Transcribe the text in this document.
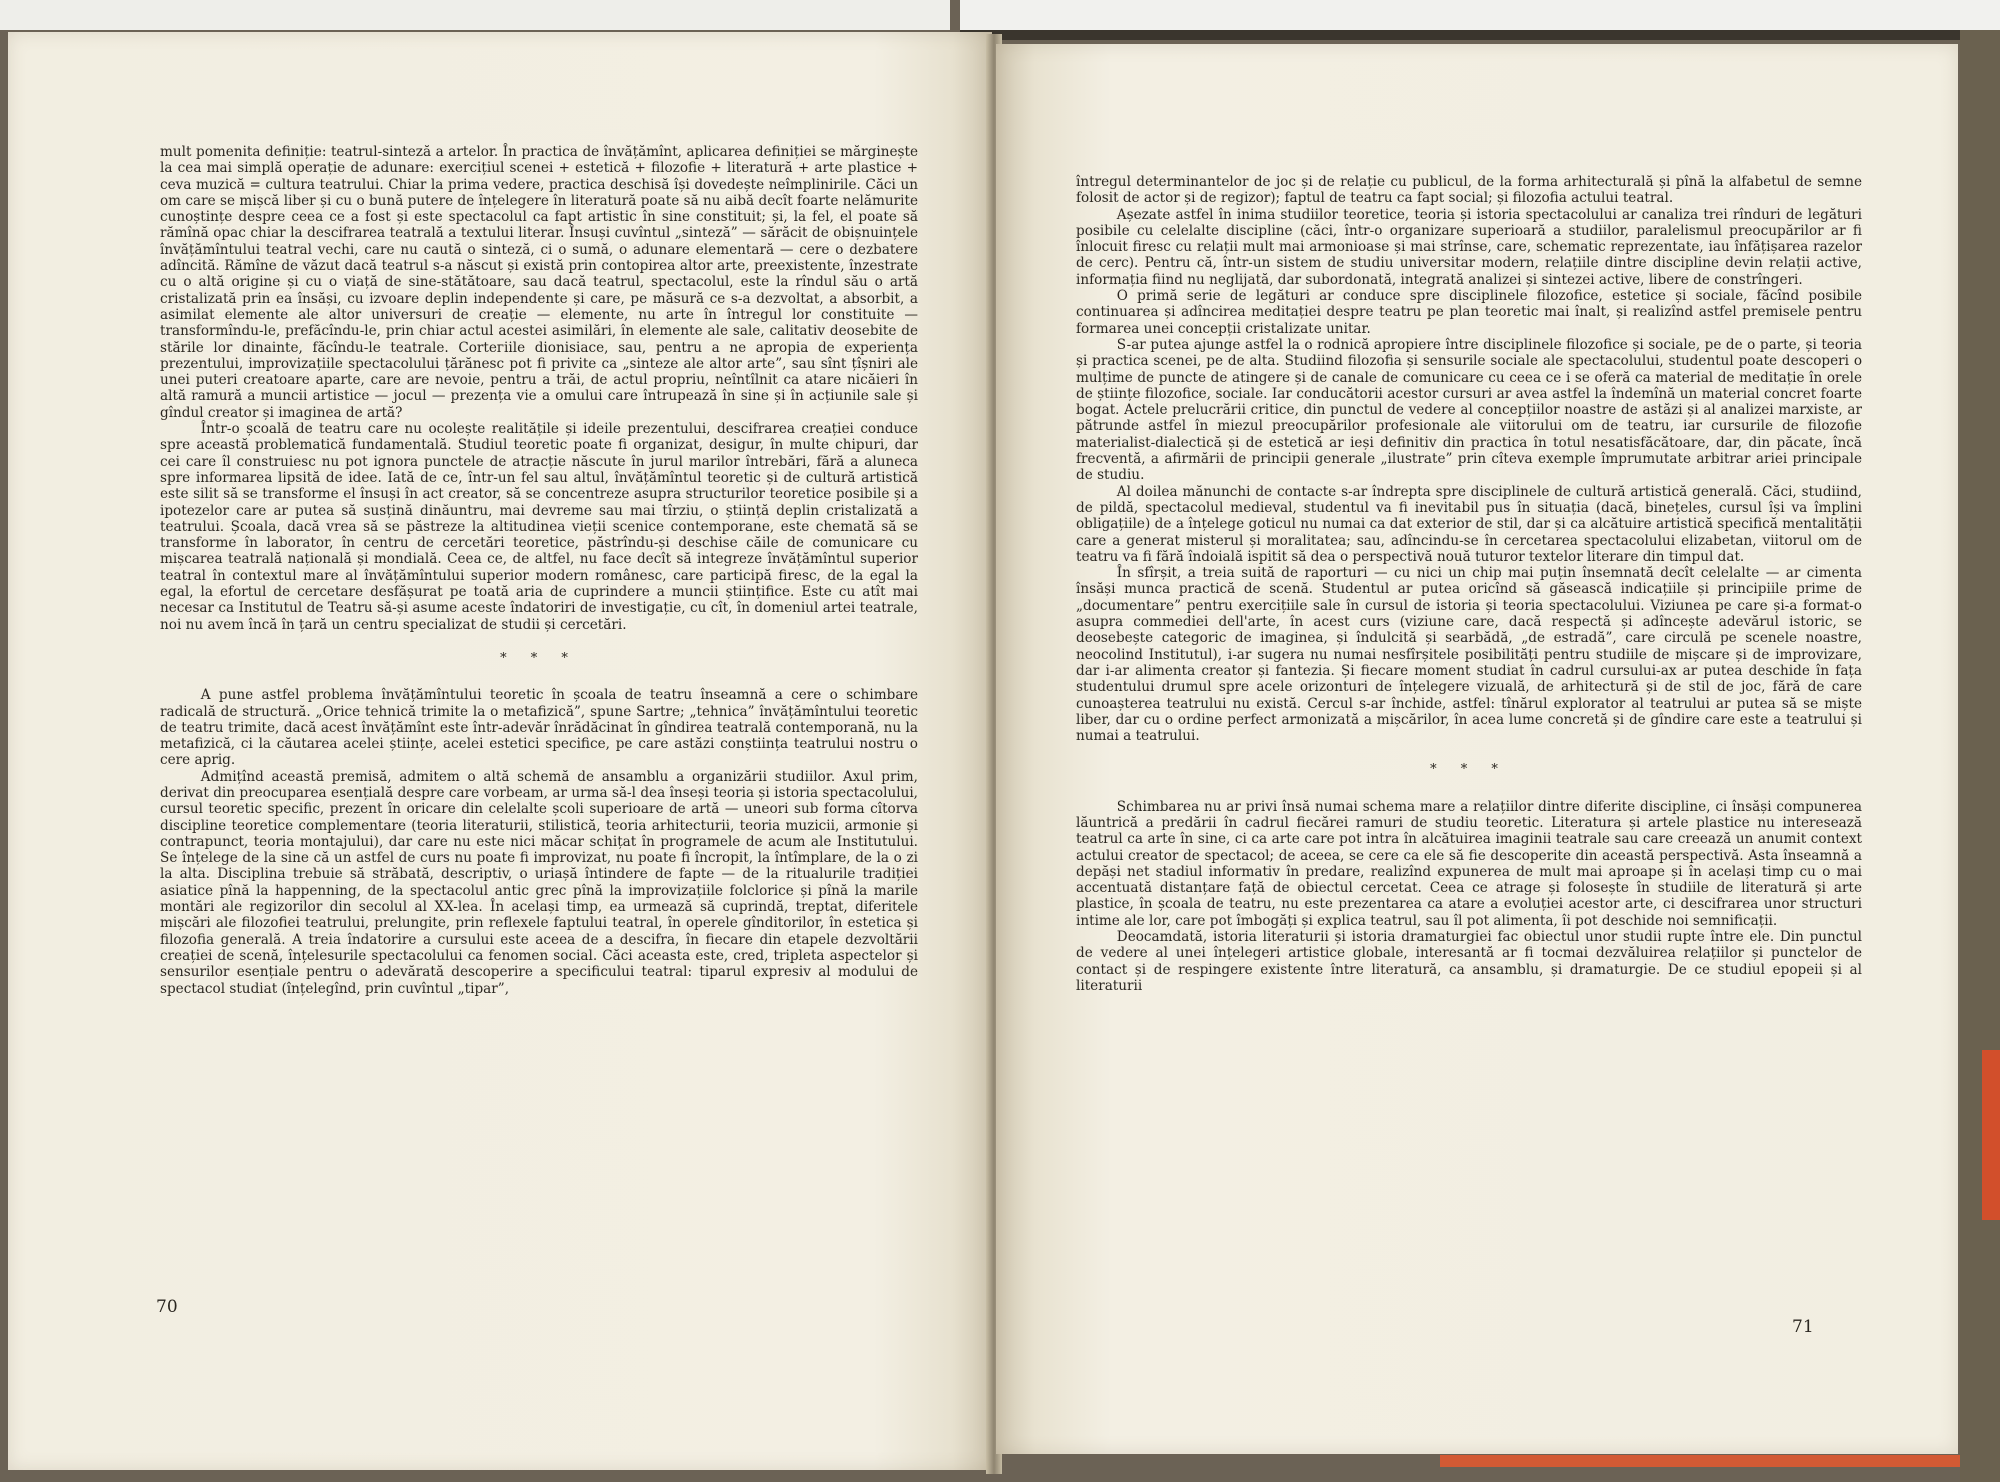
mult pomenita definiție: teatrul-sinteză a artelor. În practica de învățămînt, aplicarea definiției se mărginește la cea mai simplă operație de adunare: exercițiul scenei + estetică + filozofie + literatură + arte plastice + ceva muzică = cultura teatrului. Chiar la prima vedere, practica deschisă își dovedește neîmplinirile. Căci un om care se mișcă liber și cu o bună putere de înțelegere în literatură poate să nu aibă decît foarte nelămurite cunoștințe despre ceea ce a fost și este spectacolul ca fapt artistic în sine constituit; și, la fel, el poate să rămînă opac chiar la descifrarea teatrală a textului literar. Însuși cuvîntul „sinteză” — sărăcit de obișnuințele învățămîntului teatral vechi, care nu caută o sinteză, ci o sumă, o adunare elementară — cere o dezbatere adîncită. Rămîne de văzut dacă teatrul s-a născut și există prin contopirea altor arte, preexistente, înzestrate cu o altă origine și cu o viață de sine-stătătoare, sau dacă teatrul, spectacolul, este la rîndul său o artă cristalizată prin ea însăși, cu izvoare deplin independente și care, pe măsură ce s-a dezvoltat, a absorbit, a asimilat elemente ale altor universuri de creație — elemente, nu arte în întregul lor constituite — transformîndu-le, prefăcîndu-le, prin chiar actul acestei asimilări, în elemente ale sale, calitativ deosebite de stările lor dinainte, făcîndu-le teatrale. Corteгiile dionisiace, sau, pentru a ne apropia de experiența prezentului, improvizațiile spectacolului țărănesc pot fi privite ca „sinteze ale altor arte”, sau sînt țîșniri ale unei puteri creatoare aparte, care are nevoie, pentru a trăi, de actul propriu, neîntîlnit ca atare nicăieri în altă ramură a muncii artistice — jocul — prezența vie a omului care întrupează în sine și în acțiunile sale și gîndul creator și imaginea de artă?

Într-o școală de teatru care nu ocolește realitățile și ideile prezentului, descifrarea creației conduce spre această problematică fundamentală. Studiul teoretic poate fi organizat, desigur, în multe chipuri, dar cei care îl construiesc nu pot ignora punctele de atracție născute în jurul marilor întrebări, fără a aluneca spre informarea lipsită de idee. Iată de ce, într-un fel sau altul, învățămîntul teoretic și de cultură artistică este silit să se transforme el însuși în act creator, să se concentreze asupra structurilor teoretice posibile și a ipotezelor care ar putea să susțină dinăuntru, mai devreme sau mai tîrziu, o știință deplin cristalizată a teatrului. Școala, dacă vrea să se păstreze la altitudinea vieții scenice contemporane, este chemată să se transforme în laborator, în centru de cercetări teoretice, păstrîndu-și deschise căile de comunicare cu mișcarea teatrală națională și mondială. Ceea ce, de altfel, nu face decît să integreze învățămîntul superior teatral în contextul mare al învățămîntului superior modern românesc, care participă firesc, de la egal la egal, la efortul de cercetare desfășurat pe toată aria de cuprindere a muncii științifice. Este cu atît mai necesar ca Institutul de Teatru să-și asume aceste îndatoriri de investigație, cu cît, în domeniul artei teatrale, noi nu avem încă în țară un centru specializat de studii și cercetări.

* * *

A pune astfel problema învățămîntului teoretic în școala de teatru înseamnă a cere o schimbare radicală de structură. „Orice tehnică trimite la o metafizică”, spune Sartre; „tehnica” învățămîntului teoretic de teatru trimite, dacă acest învățămînt este într-adevăr înrădăcinat în gîndirea teatrală contemporană, nu la metafizică, ci la căutarea acelei științe, acelei estetici specifice, pe care astăzi conștiința teatrului nostru o cere aprig.

Admițînd această premisă, admitem o altă schemă de ansamblu a organizării studiilor. Axul prim, derivat din preocuparea esențială despre care vorbeam, ar urma să-l dea înseși teoria și istoria spectacolului, cursul teoretic specific, prezent în oricare din celelalte școli superioare de artă — uneori sub forma cîtorva discipline teoretice complementare (teoria literaturii, stilistică, teoria arhitecturii, teoria muzicii, armonie și contrapunct, teoria montajului), dar care nu este nici măcar schițat în programele de acum ale Institutului. Se înțelege de la sine că un astfel de curs nu poate fi improvizat, nu poate fi încropit, la întîmplare, de la o zi la alta. Disciplina trebuie să străbată, descriptiv, o uriașă întindere de fapte — de la ritualurile tradiției asiatice pînă la happenning, de la spectacolul antic grec pînă la improvizațiile folclorice și pînă la marile montări ale regizorilor din secolul al XX-lea. În același timp, ea urmează să cuprindă, treptat, diferitele mișcări ale filozofiei teatrului, prelungite, prin reflexele faptului teatral, în operele gînditorilor, în estetica și filozofia generală. A treia îndatorire a cursului este aceea de a descifra, în fiecare din etapele dezvoltării creației de scenă, înțelesurile spectacolului ca fenomen social. Căci aceasta este, cred, tripleta aspectelor și sensurilor esențiale pentru o adevărată descoperire a specificului teatral: tiparul expresiv al modului de spectacol studiat (înțelegînd, prin cuvîntul „tipar”,

70

întregul determinantelor de joc și de relație cu publicul, de la forma arhitecturală și pînă la alfabetul de semne folosit de actor și de regizor); faptul de teatru ca fapt social; și filozofia actului teatral.

Așezate astfel în inima studiilor teoretice, teoria și istoria spectacolului ar canaliza trei rînduri de legături posibile cu celelalte discipline (căci, într-o organizare superioară a studiilor, paralelismul preocupărilor ar fi înlocuit firesc cu relații mult mai armonioase și mai strînse, care, schematic reprezentate, iau înfățișarea razelor de cerc). Pentru că, într-un sistem de studiu universitar modern, relațiile dintre discipline devin relații active, informația fiind nu neglijată, dar subordonată, integrată analizei și sintezei active, libere de constrîngeri.

O primă serie de legături ar conduce spre disciplinele filozofice, estetice și sociale, făcînd posibile continuarea și adîncirea meditației despre teatru pe plan teoretic mai înalt, și realizînd astfel premisele pentru formarea unei concepții cristalizate unitar.

S-ar putea ajunge astfel la o rodnică apropiere între disciplinele filozofice și sociale, pe de o parte, și teoria și practica scenei, pe de alta. Studiind filozofia și sensurile sociale ale spectacolului, studentul poate descoperi o mulțime de puncte de atingere și de canale de comunicare cu ceea ce i se oferă ca material de meditație în orele de științe filozofice, sociale. Iar conducătorii acestor cursuri ar avea astfel la îndemînă un material concret foarte bogat. Actele prelucrării critice, din punctul de vedere al concepțiilor noastre de astăzi și al analizei marxiste, ar pătrunde astfel în miezul preocupărilor profesionale ale viitorului om de teatru, iar cursurile de filozofie materialist-dialectică și de estetică ar ieși definitiv din practica în totul nesatisfăcătoare, dar, din păcate, încă frecventă, a afirmării de principii generale „ilustrate” prin cîteva exemple împrumutate arbitrar ariei principale de studiu.

Al doilea mănunchi de contacte s-ar îndrepta spre disciplinele de cultură artistică generală. Căci, studiind, de pildă, spectacolul medieval, studentul va fi inevitabil pus în situația (dacă, binețeles, cursul își va împlini obligațiile) de a înțelege goticul nu numai ca dat exterior de stil, dar și ca alcătuire artistică specifică mentalității care a generat misterul și moralitatea; sau, adîncindu-se în cercetarea spectacolului elizabetan, viitorul om de teatru va fi fără îndoială ispitit să dea o perspectivă nouă tuturor textelor literare din timpul dat.

În sfîrșit, a treia suită de raporturi — cu nici un chip mai puțin însemnată decît celelalte — ar cimenta însăși munca practică de scenă. Studentul ar putea oricînd să găsească indicațiile și principiile prime de „documentare” pentru exercițiile sale în cursul de istoria și teoria spectacolului. Viziunea pe care și-a format-o asupra commediei dell'arte, în acest curs (viziune care, dacă respectă și adîncește adevărul istoric, se deosebește categoric de imaginea, și îndulcită și searbădă, „de estradă”, care circulă pe scenele noastre, neocolind Institutul), i-ar sugera nu numai nesfîrșitele posibilități pentru studiile de mișcare și de improvizare, dar i-ar alimenta creator și fantezia. Și fiecare moment studiat în cadrul cursului-ax ar putea deschide în fața studentului drumul spre acele orizonturi de înțelegere vizuală, de arhitectură și de stil de joc, fără de care cunoașterea teatrului nu există. Cercul s-ar închide, astfel: tînărul explorator al teatrului ar putea să se miște liber, dar cu o ordine perfect armonizată a mișcărilor, în acea lume concretă și de gîndire care este a teatrului și numai a teatrului.

* * *

Schimbarea nu ar privi însă numai schema mare a relațiilor dintre diferite discipline, ci însăși compunerea lăuntrică a predării în cadrul fiecărei ramuri de studiu teoretic. Literatura și artele plastice nu interesează teatrul ca arte în sine, ci ca arte care pot intra în alcătuirea imaginii teatrale sau care creează un anumit context actului creator de spectacol; de aceea, se cere ca ele să fie descoperite din această perspectivă. Asta înseamnă a depăși net stadiul informativ în predare, realizînd expunerea de mult mai aproape și în același timp cu o mai accentuată distanțare față de obiectul cercetat. Ceea ce atrage și folosește în studiile de literatură și arte plastice, în școala de teatru, nu este prezentarea ca atare a evoluției acestor arte, ci descifrarea unor structuri intime ale lor, care pot îmbogăți și explica teatrul, sau îl pot alimenta, îi pot deschide noi semnificații.

Deocamdată, istoria literaturii și istoria dramaturgiei fac obiectul unor studii rupte între ele. Din punctul de vedere al unei înțelegeri artistice globale, interesantă ar fi tocmai dezvăluirea relațiilor și punctelor de contact și de respingere existente între literatură, ca ansamblu, și dramaturgie. De ce studiul epopeii și al literaturii

71
